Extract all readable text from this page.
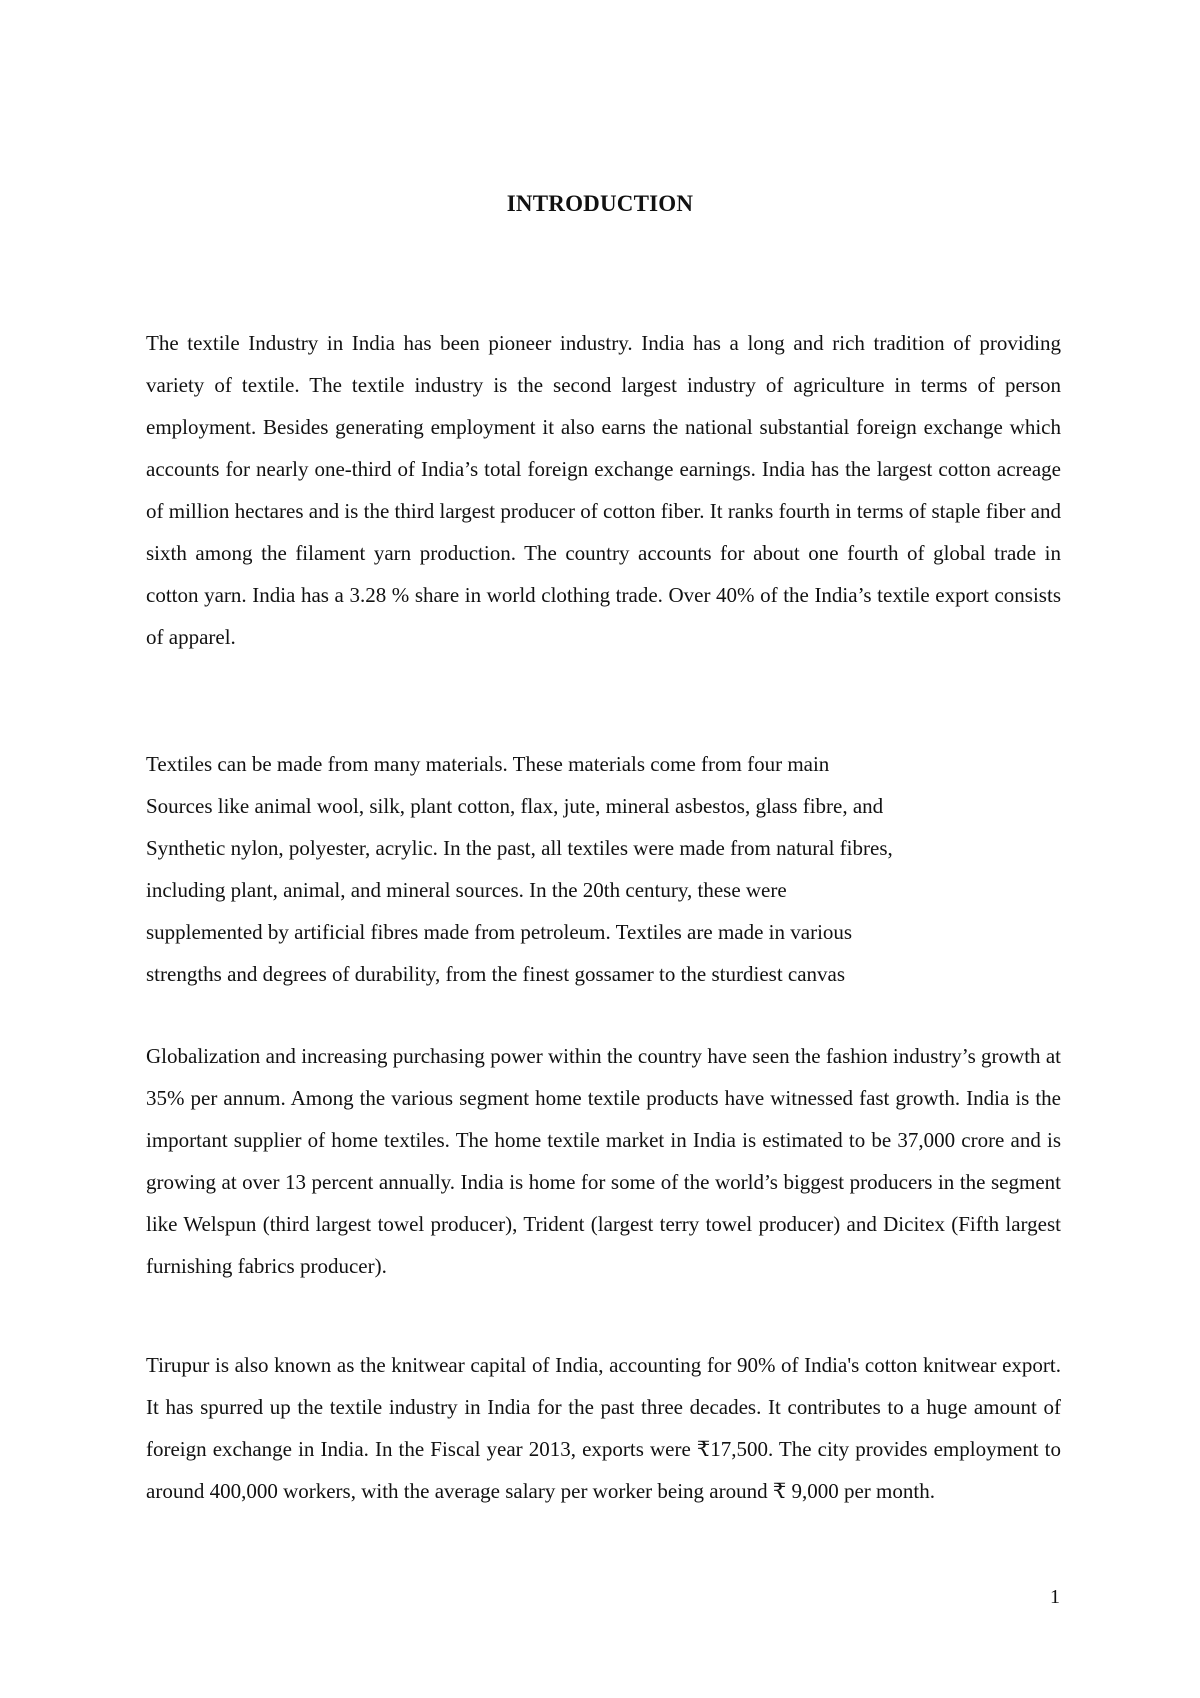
INTRODUCTION

The textile Industry in India has been pioneer industry. India has a long and rich tradition of providing variety of textile. The textile industry is the second largest industry of agriculture in terms of person employment. Besides generating employment it also earns the national substantial foreign exchange which accounts for nearly one-third of India’s total foreign exchange earnings. India has the largest cotton acreage of million hectares and is the third largest producer of cotton fiber. It ranks fourth in terms of staple fiber and sixth among the filament yarn production. The country accounts for about one fourth of global trade in cotton yarn. India has a 3.28 % share in world clothing trade. Over 40% of the India’s textile export consists of apparel.

Textiles can be made from many materials. These materials come from four main
Sources like animal wool, silk, plant cotton, flax, jute, mineral asbestos, glass fibre, and
Synthetic nylon, polyester, acrylic. In the past, all textiles were made from natural fibres,
including plant, animal, and mineral sources. In the 20th century, these were
supplemented by artificial fibres made from petroleum. Textiles are made in various
strengths and degrees of durability, from the finest gossamer to the sturdiest canvas

Globalization and increasing purchasing power within the country have seen the fashion industry’s growth at 35% per annum. Among the various segment home textile products have witnessed fast growth. India is the important supplier of home textiles. The home textile market in India is estimated to be 37,000 crore and is growing at over 13 percent annually. India is home for some of the world’s biggest producers in the segment like Welspun (third largest towel producer), Trident (largest terry towel producer) and Dicitex (Fifth largest furnishing fabrics producer).

Tirupur is also known as the knitwear capital of India, accounting for 90% of India's cotton knitwear export. It has spurred up the textile industry in India for the past three decades. It contributes to a huge amount of foreign exchange in India. In the Fiscal year 2013, exports were ₹17,500. The city provides employment to around 400,000 workers, with the average salary per worker being around ₹ 9,000 per month.

1
